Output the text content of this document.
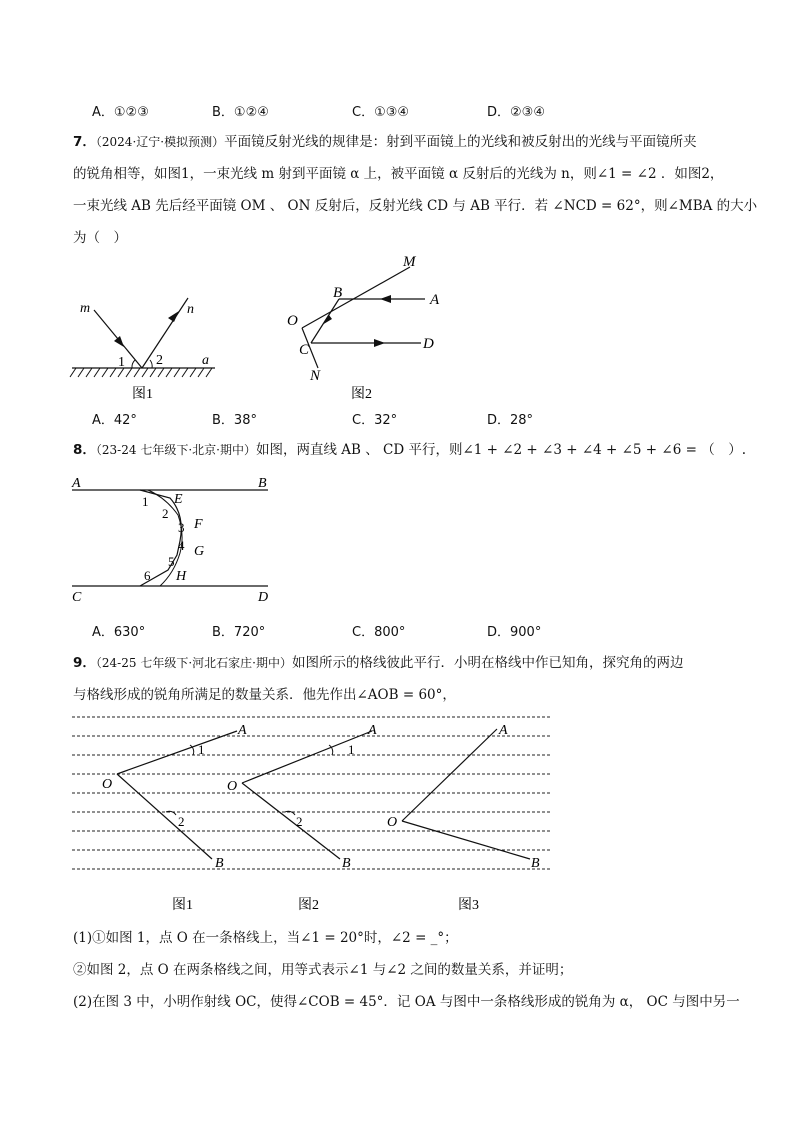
A．①②③	B．①②④	C．①③④	D．②③④
7．（2024·辽宁·模拟预测）平面镜反射光线的规律是：射到平面镜上的光线和被反射出的光线与平面镜所夹
的锐角相等，如图1，一束光线 m 射到平面镜 α 上，被平面镜 α 反射后的光线为 n，则∠1 = ∠2 ．如图2，
一束光线 AB 先后经平面镜 OM 、 ON 反射后，反射光线 CD 与 AB 平行．若 ∠NCD = 62°，则∠MBA 的大小
为（　）
m	n
1 2	a
图1
M
A
B
O
C	D
N
图2
A．42°	B．38°	C．32°	D．28°
8．（23-24 七年级下·北京·期中）如图，两直线 AB 、 CD 平行，则∠1 + ∠2 + ∠3 + ∠4 + ∠5 + ∠6 = （　）.
A	B
C	D
E
F
G
H
1
2
3
4
5
6
A．630°	B．720°	C．800°	D．900°
9．（24-25 七年级下·河北石家庄·期中）如图所示的格线彼此平行．小明在格线中作已知角，探究角的两边
与格线形成的锐角所满足的数量关系．他先作出∠AOB = 60°，
A
O
B
1
2
A
O
B
1
2
A
O
B
图1	图2	图3
(1)①如图 1，点 O 在一条格线上，当∠1 = 20°时，∠2 = _°；
②如图 2，点 O 在两条格线之间，用等式表示∠1 与∠2 之间的数量关系，并证明；
(2)在图 3 中，小明作射线 OC，使得∠COB = 45°．记 OA 与图中一条格线形成的锐角为 α， OC 与图中另一
